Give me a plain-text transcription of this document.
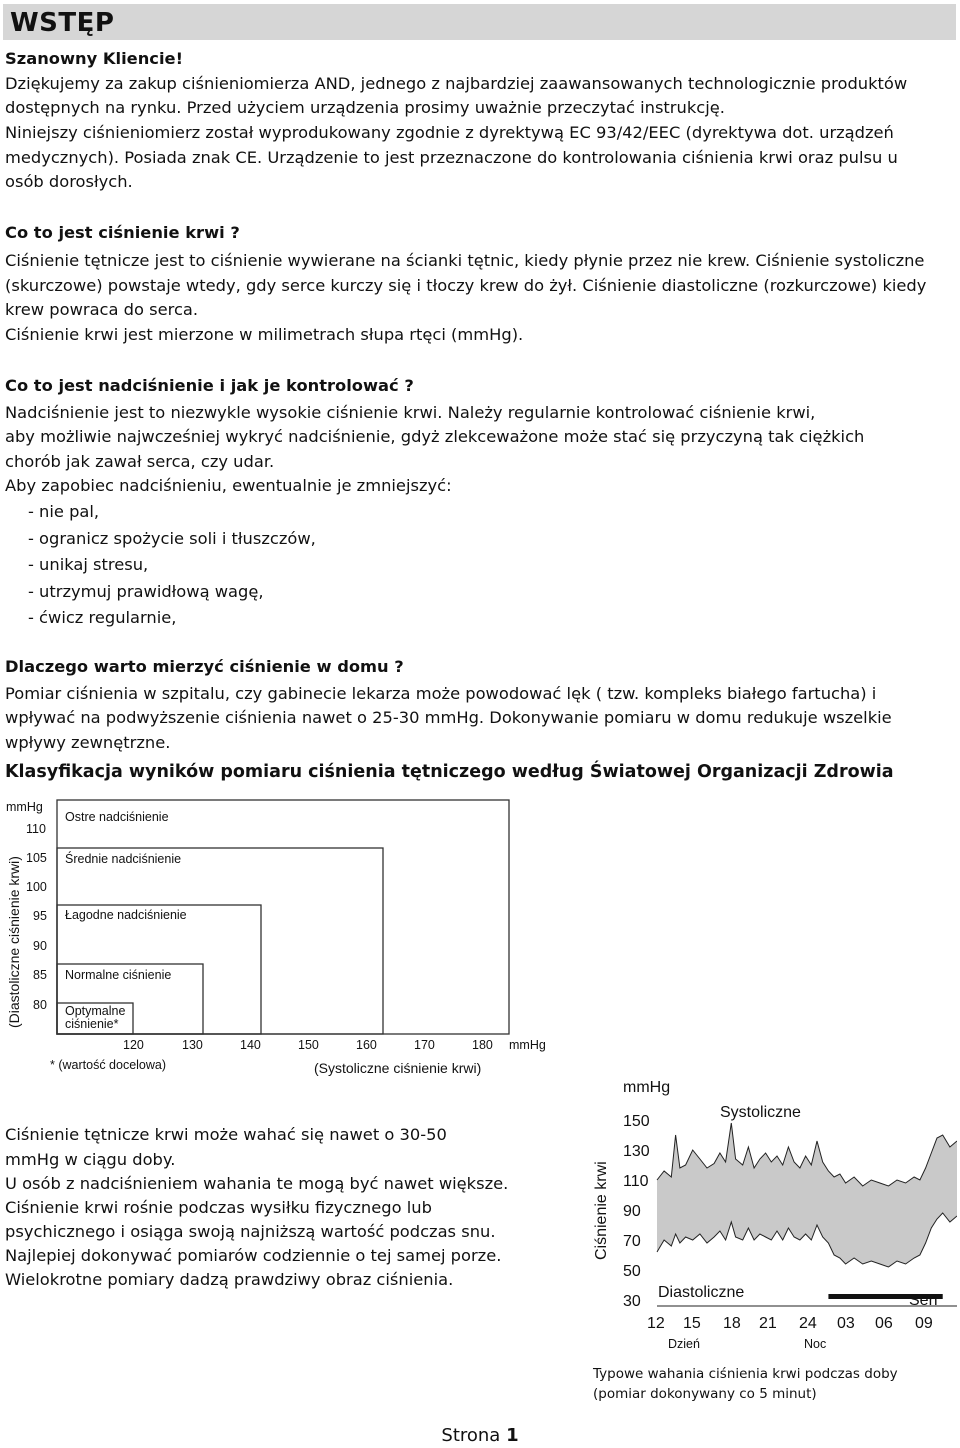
WSTĘP
Szanowny Kliencie!
Dziękujemy za zakup ciśnieniomierza AND, jednego z najbardziej zaawansowanych technologicznie produktów
dostępnych na rynku. Przed użyciem urządzenia prosimy uważnie przeczytać instrukcję.
Niniejszy ciśnieniomierz został wyprodukowany zgodnie z dyrektywą EC 93/42/EEC (dyrektywa dot. urządzeń
medycznych). Posiada znak CE. Urządzenie to jest przeznaczone do kontrolowania ciśnienia krwi oraz pulsu u
osób dorosłych.
Co to jest ciśnienie krwi ?
Ciśnienie tętnicze jest to ciśnienie wywierane na ścianki tętnic, kiedy płynie przez nie krew. Ciśnienie systoliczne
(skurczowe) powstaje wtedy, gdy serce kurczy się i tłoczy krew do żył. Ciśnienie diastoliczne (rozkurczowe) kiedy
krew powraca do serca.
Ciśnienie krwi jest mierzone w milimetrach słupa rtęci (mmHg).
Co to jest nadciśnienie i jak je kontrolować ?
Nadciśnienie jest to niezwykle wysokie ciśnienie krwi. Należy regularnie kontrolować ciśnienie krwi,
aby możliwie najwcześniej wykryć nadciśnienie, gdyż zlekceważone może stać się przyczyną tak ciężkich
chorób jak zawał serca, czy udar.
Aby zapobiec nadciśnieniu, ewentualnie je zmniejszyć:
- nie pal,
- ogranicz spożycie soli i tłuszczów,
- unikaj stresu,
- utrzymuj prawidłową wagę,
- ćwicz regularnie,
Dlaczego warto mierzyć ciśnienie w domu ?
Pomiar ciśnienia w szpitalu, czy gabinecie lekarza może powodować lęk ( tzw. kompleks białego fartucha) i
wpływać na podwyższenie ciśnienia nawet o 25-30 mmHg. Dokonywanie pomiaru w domu redukuje wszelkie
wpływy zewnętrzne.
Klasyfikacja wyników pomiaru ciśnienia tętniczego według Światowej Organizacji Zdrowia
mmHg
(Diastoliczne ciśnienie krwi)
110
105
100
95
90
85
80
Ostre nadciśnienie
Średnie nadciśnienie
Łagodne nadciśnienie
Normalne ciśnienie
Optymalne
ciśnienie*
120	130	140	150	160	170	180 mmHg
* (wartość docelowa)	(Systoliczne ciśnienie krwi)
Ciśnienie tętnicze krwi może wahać się nawet o 30-50
mmHg w ciągu doby.
U osób z nadciśnieniem wahania te mogą być nawet większe.
Ciśnienie krwi rośnie podczas wysiłku fizycznego lub
psychicznego i osiąga swoją najniższą wartość podczas snu.
Najlepiej dokonywać pomiarów codziennie o tej samej porze.
Wielokrotne pomiary dadzą prawdziwy obraz ciśnienia.
mmHg
Ciśnienie krwi
150
130
110
90
70
50
30
Systoliczne
Diastoliczne	Sen
12 15 18 21 24 03 06 09
Dzień	Noc
Typowe wahania ciśnienia krwi podczas doby
(pomiar dokonywany co 5 minut)
Strona 1
